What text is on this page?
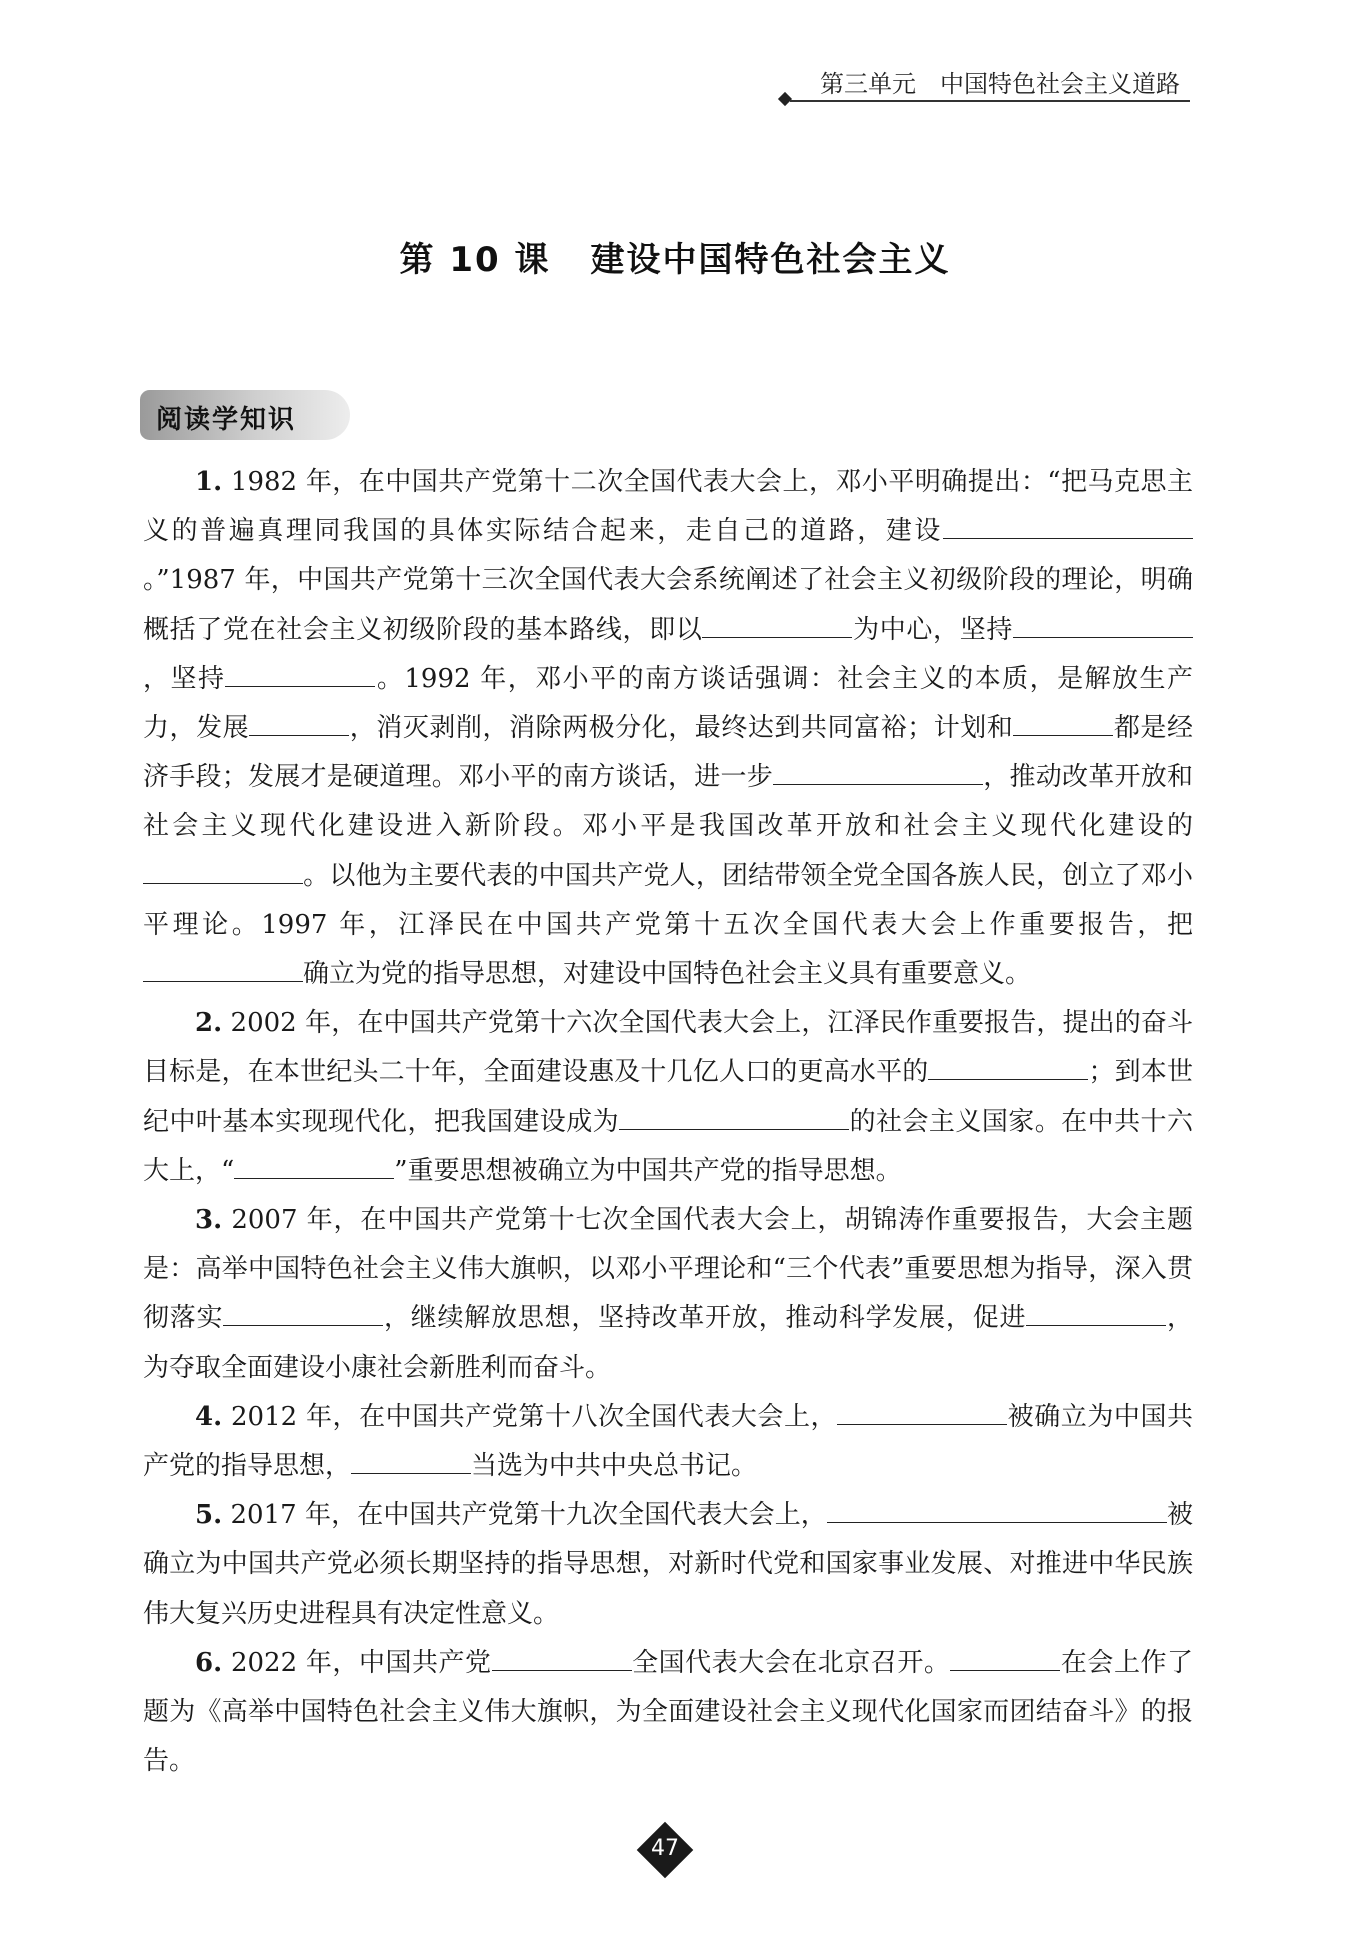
第三单元 中国特色社会主义道路
第 10 课 建设中国特色社会主义
阅读学知识

1. 1982 年，在中国共产党第十二次全国代表大会上，邓小平明确提出：“把马克思主义的普遍真理同我国的具体实际结合起来，走自己的道路，建设。”1987 年，中国共产党第十三次全国代表大会系统阐述了社会主义初级阶段的理论，明确概括了党在社会主义初级阶段的基本路线，即以	为中心，坚持，坚持	。1992 年，邓小平的南方谈话强调：社会主义的本质，是解放生产力，发展	，消灭剥削，消除两极分化，最终达到共同富裕；计划和	都是经济手段；发展才是硬道理。邓小平的南方谈话，进一步	，推动改革开放和社会主义现代化建设进入新阶段。邓小平是我国改革开放和社会主义现代化建设的。以他为主要代表的中国共产党人，团结带领全党全国各族人民，创立了邓小平理论。1997 年，江泽民在中国共产党第十五次全国代表大会上作重要报告，把确立为党的指导思想，对建设中国特色社会主义具有重要意义。

2. 2002 年，在中国共产党第十六次全国代表大会上，江泽民作重要报告，提出的奋斗目标是，在本世纪头二十年，全面建设惠及十几亿人口的更高水平的	；到本世纪中叶基本实现现代化，把我国建设成为	的社会主义国家。在中共十六大上，“	”重要思想被确立为中国共产党的指导思想。

3. 2007 年，在中国共产党第十七次全国代表大会上，胡锦涛作重要报告，大会主题是：高举中国特色社会主义伟大旗帜，以邓小平理论和“三个代表”重要思想为指导，深入贯彻落实	，继续解放思想，坚持改革开放，推动科学发展，促进	，为夺取全面建设小康社会新胜利而奋斗。

4. 2012 年，在中国共产党第十八次全国代表大会上，	被确立为中国共产党的指导思想，	当选为中共中央总书记。

5. 2017 年，在中国共产党第十九次全国代表大会上，	被确立为中国共产党必须长期坚持的指导思想，对新时代党和国家事业发展、对推进中华民族伟大复兴历史进程具有决定性意义。

6. 2022 年，中国共产党	全国代表大会在北京召开。	在会上作了题为《高举中国特色社会主义伟大旗帜，为全面建设社会主义现代化国家而团结奋斗》的报告。

47
